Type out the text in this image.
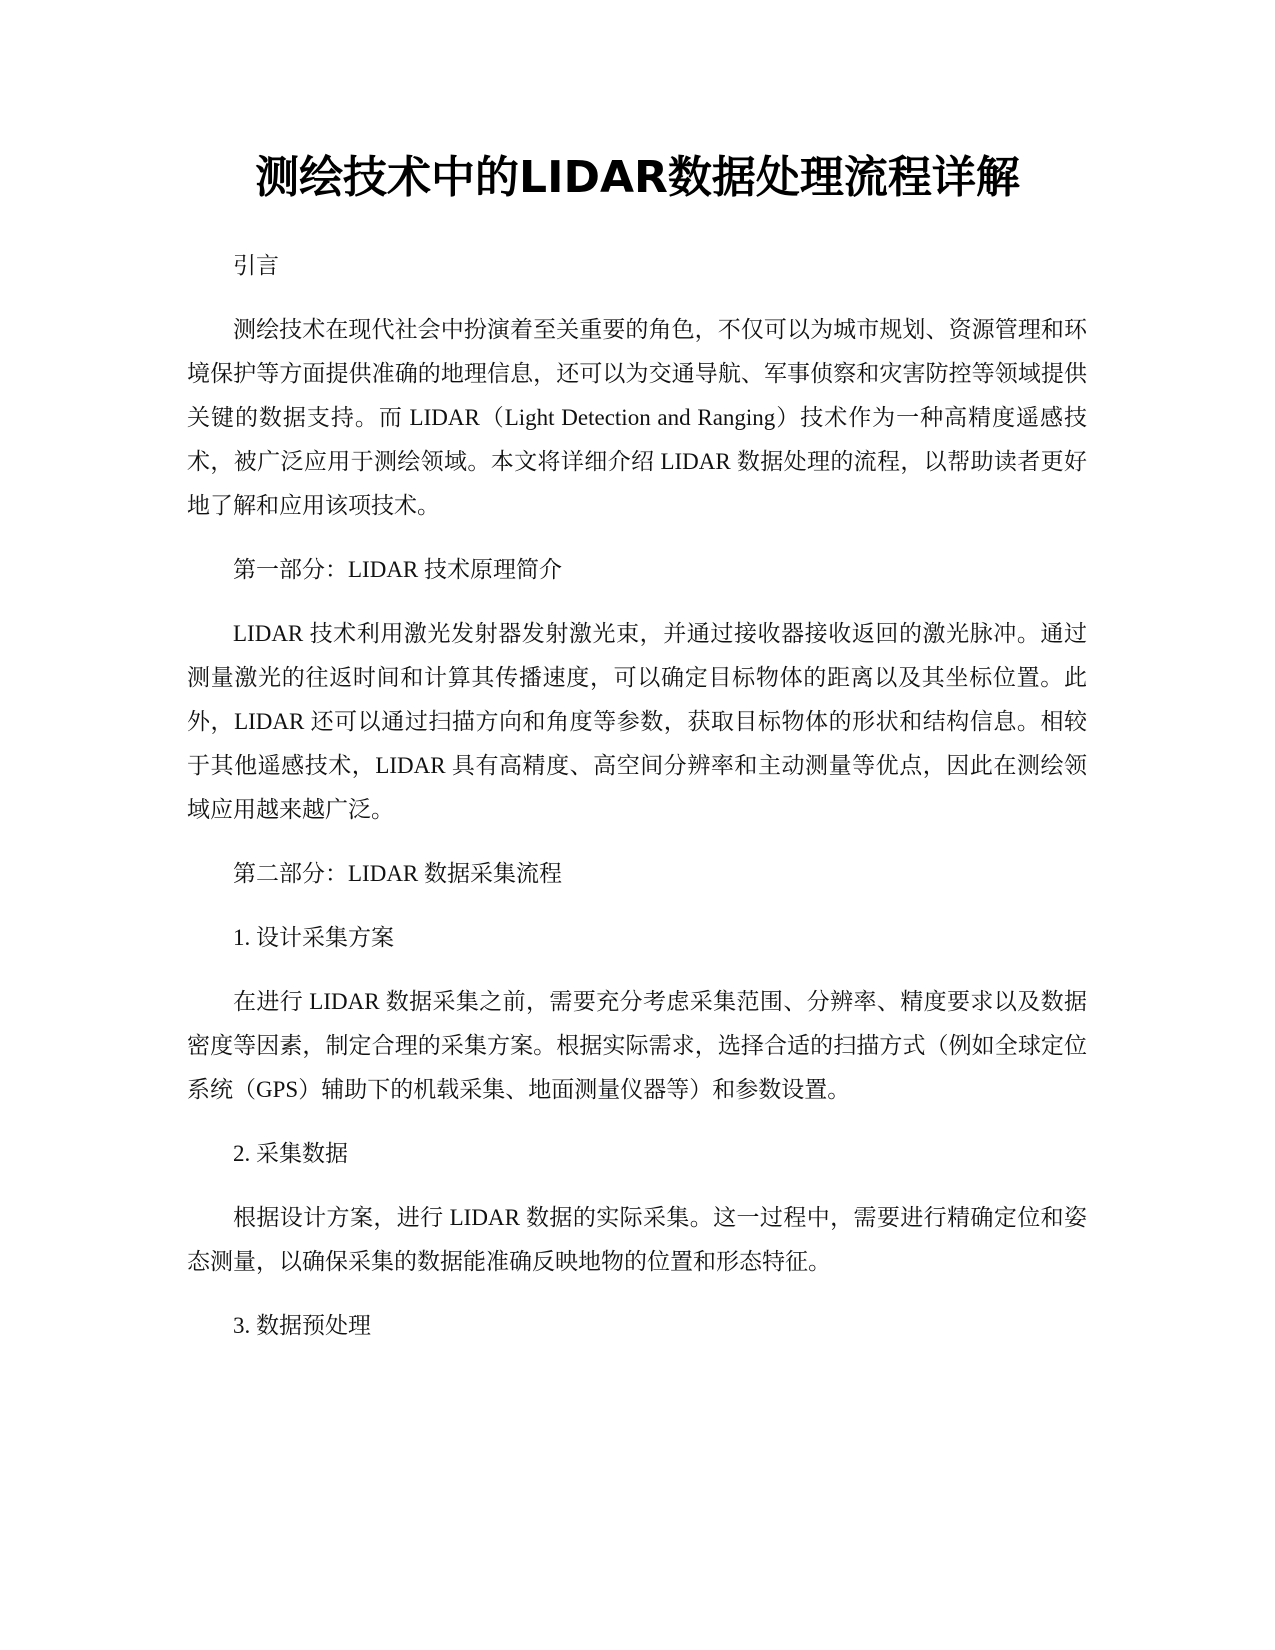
测绘技术中的LIDAR数据处理流程详解

引言

测绘技术在现代社会中扮演着至关重要的角色，不仅可以为城市规划、资源管理和环境保护等方面提供准确的地理信息，还可以为交通导航、军事侦察和灾害防控等领域提供关键的数据支持。而 LIDAR（Light Detection and Ranging）技术作为一种高精度遥感技术，被广泛应用于测绘领域。本文将详细介绍 LIDAR 数据处理的流程，以帮助读者更好地了解和应用该项技术。

第一部分：LIDAR 技术原理简介

LIDAR 技术利用激光发射器发射激光束，并通过接收器接收返回的激光脉冲。通过测量激光的往返时间和计算其传播速度，可以确定目标物体的距离以及其坐标位置。此外，LIDAR 还可以通过扫描方向和角度等参数，获取目标物体的形状和结构信息。相较于其他遥感技术，LIDAR 具有高精度、高空间分辨率和主动测量等优点，因此在测绘领域应用越来越广泛。

第二部分：LIDAR 数据采集流程

1. 设计采集方案

在进行 LIDAR 数据采集之前，需要充分考虑采集范围、分辨率、精度要求以及数据密度等因素，制定合理的采集方案。根据实际需求，选择合适的扫描方式（例如全球定位系统（GPS）辅助下的机载采集、地面测量仪器等）和参数设置。

2. 采集数据

根据设计方案，进行 LIDAR 数据的实际采集。这一过程中，需要进行精确定位和姿态测量，以确保采集的数据能准确反映地物的位置和形态特征。

3. 数据预处理
